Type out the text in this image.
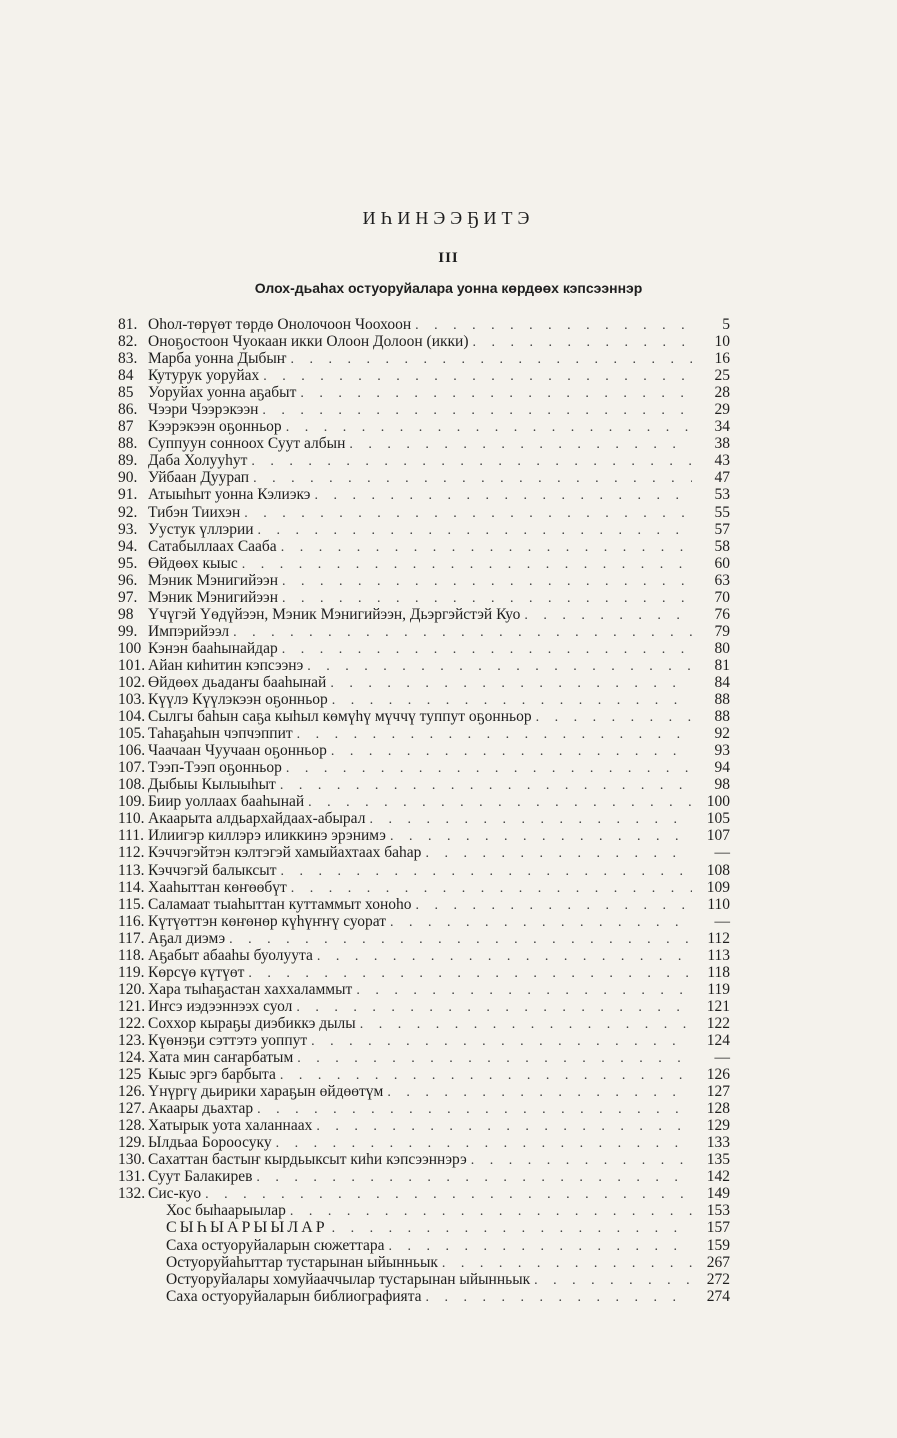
ИҺИНЭЭҔИТЭ
III
Олох-дьаһах остуоруйалара уонна көрдөөх кэпсээннэр
81. Оһол-төрүөт төрдө Онолочоон Чоохоон . . .	5
82. Оноҕостоон Чуокаан икки Олоон Долоон (икки) . . .	10
83. Марба уонна Дыбыҥ . . .	16
84 Кутурук уоруйах . . .	25
85 Уоруйах уонна аҕабыт . . .	28
86. Чээри Чээрэкээн . . .	29
87 Кээрэкээн оҕонньор . . .	34
88. Суппуун сонноох Суут албын . . .	38
89. Даба Холууһут . . .	43
90. Уйбаан Дуурап . . .	47
91. Атыыһыт уонна Кэлиэкэ . . .	53
92. Тибэн Тиихэн . . .	55
93. Уустук үллэрии . . .	57
94. Сатабыллаах Сааба . . .	58
95. Өйдөөх кыыс . . .	60
96. Мэник Мэнигийээн . . .	63
97. Мэник Мэнигийээн . . .	70
98 Үчүгэй Үөдүйээн, Мэник Мэнигийээн, Дьэргэйстэй Куо . . .	76
99. Импэрийээл . . .	79
100 Кэнэн бааһынайдар . . .	80
101. Айан киһитин кэпсээнэ . . .	81
102. Өйдөөх дьадаҥы бааһынай . . .	84
103. Күүлэ Күүлэкээн оҕонньор . . .	88
104. Сылгы баһын саҕа кыһыл көмүһү мүччү туппут оҕонньор . . .	88
105. Таһаҕаһын чэпчэппит . . .	92
106. Чаачаан Чуучаан оҕонньор . . .	93
107. Тээп-Тээп оҕонньор . . .	94
108. Дыбыы Кылыыһыт . . .	98
109. Биир уоллаах бааһынай . . .	100
110. Акаарыта алдьархайдаах-абырал . . .	105
111. Илиигэр киллэрэ иликкинэ эрэнимэ . . .	107
112. Кэччэгэйтэн кэлтэгэй хамыйахтаах баһар . . .	—
113. Кэччэгэй балыксыт . . .	108
114. Хааһыттан көҥөөбүт . . .	109
115. Саламаат тыаһыттан куттаммыт хоноһо . . .	110
116. Күтүөттэн көҥөнөр күһүҥҥү суорат . . .	—
117. Аҕал диэмэ . . .	112
118. Аҕабыт абааһы буолуута . . .	113
119. Көрсүө күтүөт . . .	118
120. Хара тыһаҕастан хаххаламмыт . . .	119
121. Иҥсэ иэдээннээх суол . . .	121
122. Соххор кыраҕы диэбиккэ дылы . . .	122
123. Күөнэҕи сэттэтэ уоппут . . .	124
124. Хата мин саҥарбатым . . .	—
125 Кыыс эргэ барбыта . . .	126
126. Үнүргү дьирики хараҕын өйдөөтүм . . .	127
127. Акаары дьахтар . . .	128
128. Хатырык уота халаннаах . . .	129
129. Ылдьаа Бороосуку . . .	133
130. Сахаттан бастыҥ кырдьыксыт киһи кэпсээннэрэ . . .	135
131. Суут Балакирев . . .	142
132. Сис-куо . . .	149
Хос быһаарыылар . . .	153
СЫҺЫАРЫЫЛАР . . .	157
Саха остуоруйаларын сюжеттара . . .	159
Остуоруйаһыттар тустарынан ыйынньык . . .	267
Остуоруйалары хомуйааччылар тустарынан ыйынньык . . .	272
Саха остуоруйаларын библиографията . . .	274
